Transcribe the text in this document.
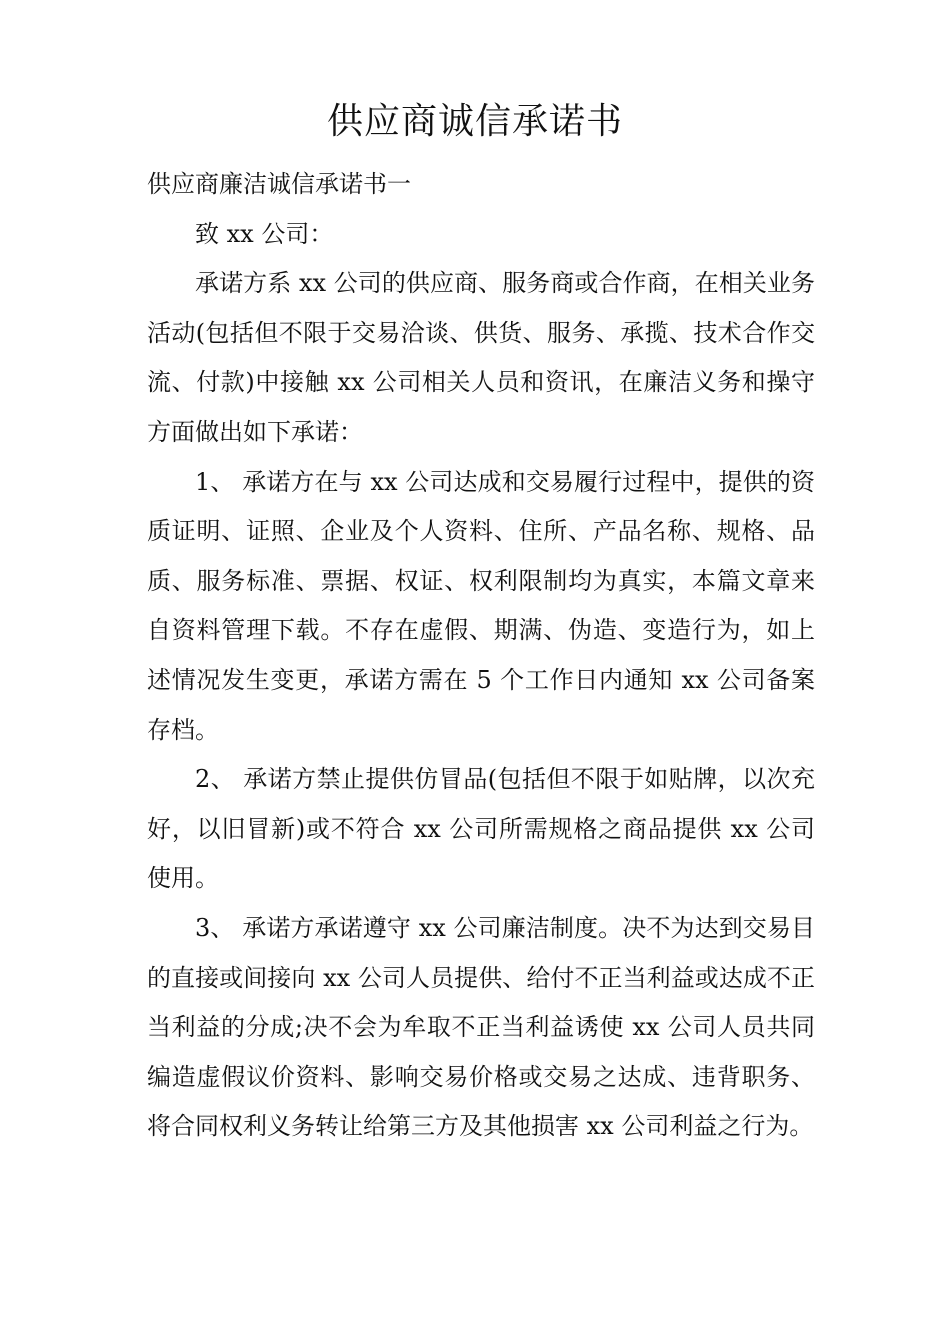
供应商诚信承诺书

供应商廉洁诚信承诺书一

致 xx 公司：

承诺方系 xx 公司的供应商、服务商或合作商，在相关业务活动(包括但不限于交易洽谈、供货、服务、承揽、技术合作交流、付款)中接触 xx 公司相关人员和资讯，在廉洁义务和操守方面做出如下承诺：

1、 承诺方在与 xx 公司达成和交易履行过程中，提供的资质证明、证照、企业及个人资料、住所、产品名称、规格、品质、服务标准、票据、权证、权利限制均为真实，本篇文章来自资料管理下载。不存在虚假、期满、伪造、变造行为，如上述情况发生变更，承诺方需在 5 个工作日内通知 xx 公司备案存档。

2、 承诺方禁止提供仿冒品(包括但不限于如贴牌，以次充好，以旧冒新)或不符合 xx 公司所需规格之商品提供 xx 公司使用。

3、 承诺方承诺遵守 xx 公司廉洁制度。决不为达到交易目的直接或间接向 xx 公司人员提供、给付不正当利益或达成不正当利益的分成;决不会为牟取不正当利益诱使 xx 公司人员共同编造虚假议价资料、影响交易价格或交易之达成、违背职务、将合同权利义务转让给第三方及其他损害 xx 公司利益之行为。
